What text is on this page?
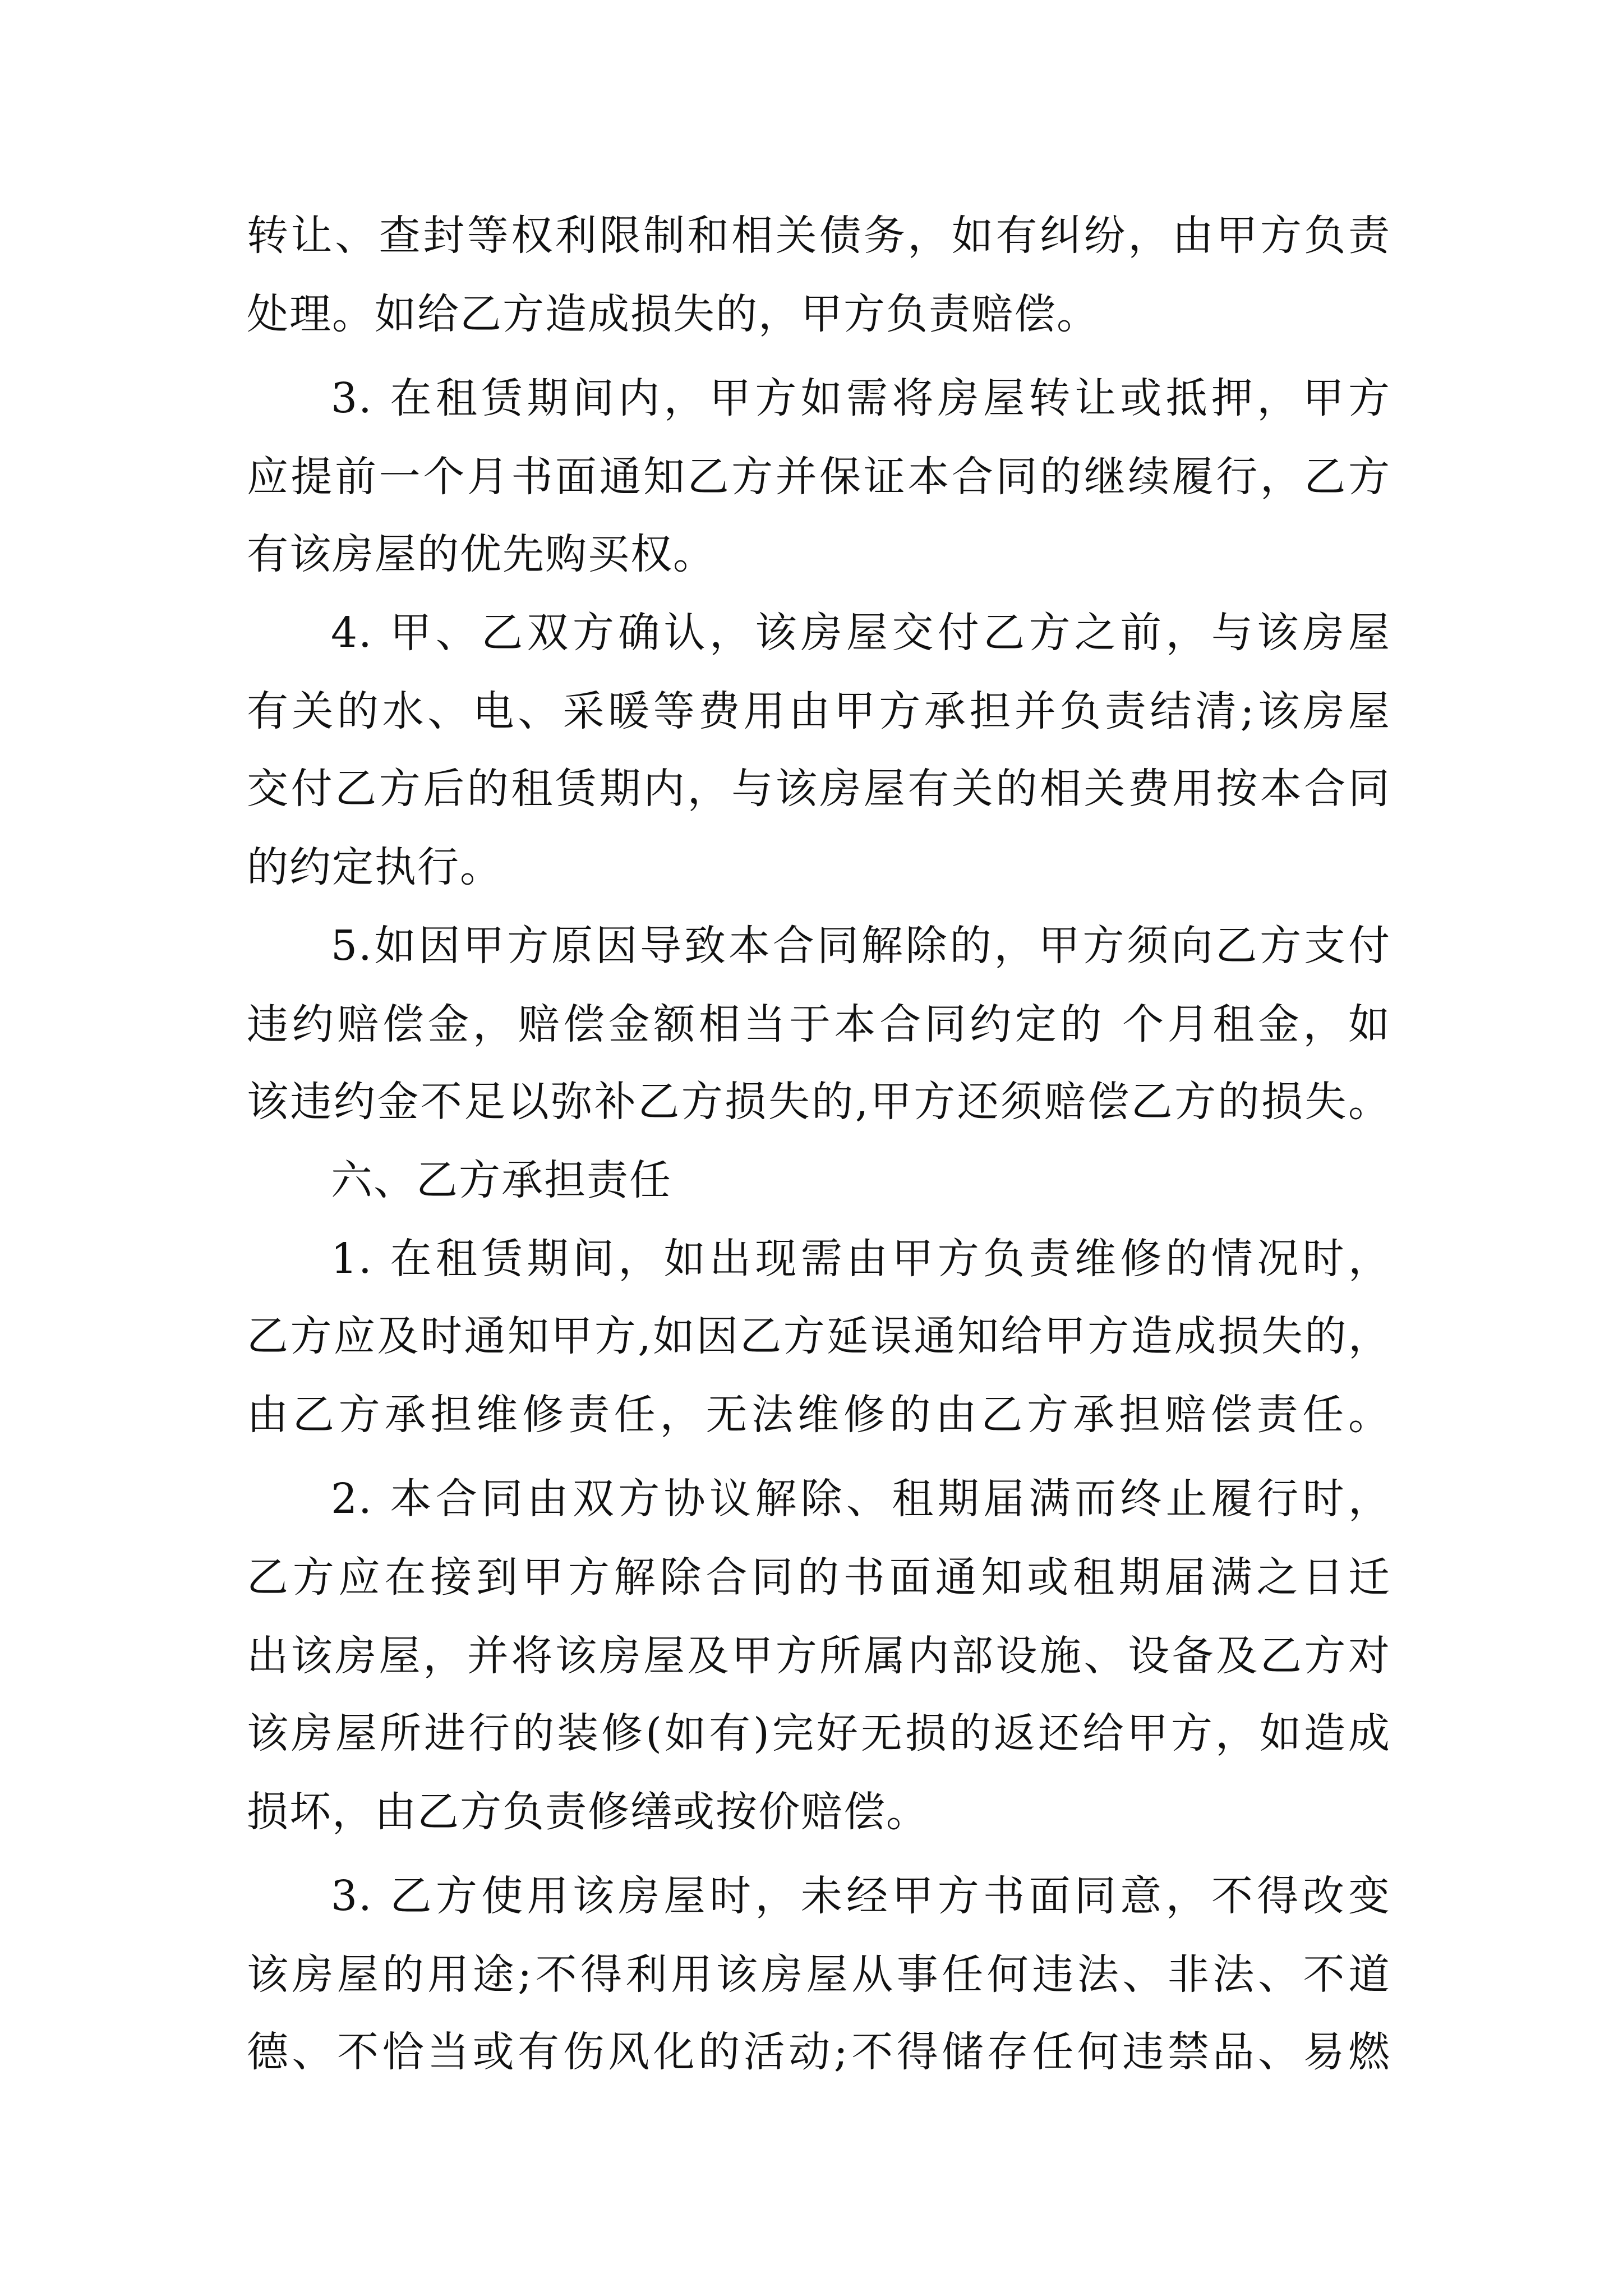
转让、查封等权利限制和相关债务，如有纠纷，由甲方负责
处理。如给乙方造成损失的，甲方负责赔偿。
3. 在租赁期间内，甲方如需将房屋转让或抵押，甲方
应提前一个月书面通知乙方并保证本合同的继续履行，乙方
有该房屋的优先购买权。
4. 甲、乙双方确认，该房屋交付乙方之前，与该房屋
有关的水、电、采暖等费用由甲方承担并负责结清;该房屋
交付乙方后的租赁期内，与该房屋有关的相关费用按本合同
的约定执行。
5.如因甲方原因导致本合同解除的，甲方须向乙方支付
违约赔偿金，赔偿金额相当于本合同约定的 个月租金，如
该违约金不足以弥补乙方损失的,甲方还须赔偿乙方的损失。
六、乙方承担责任
1. 在租赁期间，如出现需由甲方负责维修的情况时，
乙方应及时通知甲方,如因乙方延误通知给甲方造成损失的，
由乙方承担维修责任，无法维修的由乙方承担赔偿责任。
2. 本合同由双方协议解除、租期届满而终止履行时，
乙方应在接到甲方解除合同的书面通知或租期届满之日迁
出该房屋，并将该房屋及甲方所属内部设施、设备及乙方对
该房屋所进行的装修(如有)完好无损的返还给甲方，如造成
损坏，由乙方负责修缮或按价赔偿。
3. 乙方使用该房屋时，未经甲方书面同意，不得改变
该房屋的用途;不得利用该房屋从事任何违法、非法、不道
德、不恰当或有伤风化的活动;不得储存任何违禁品、易燃
